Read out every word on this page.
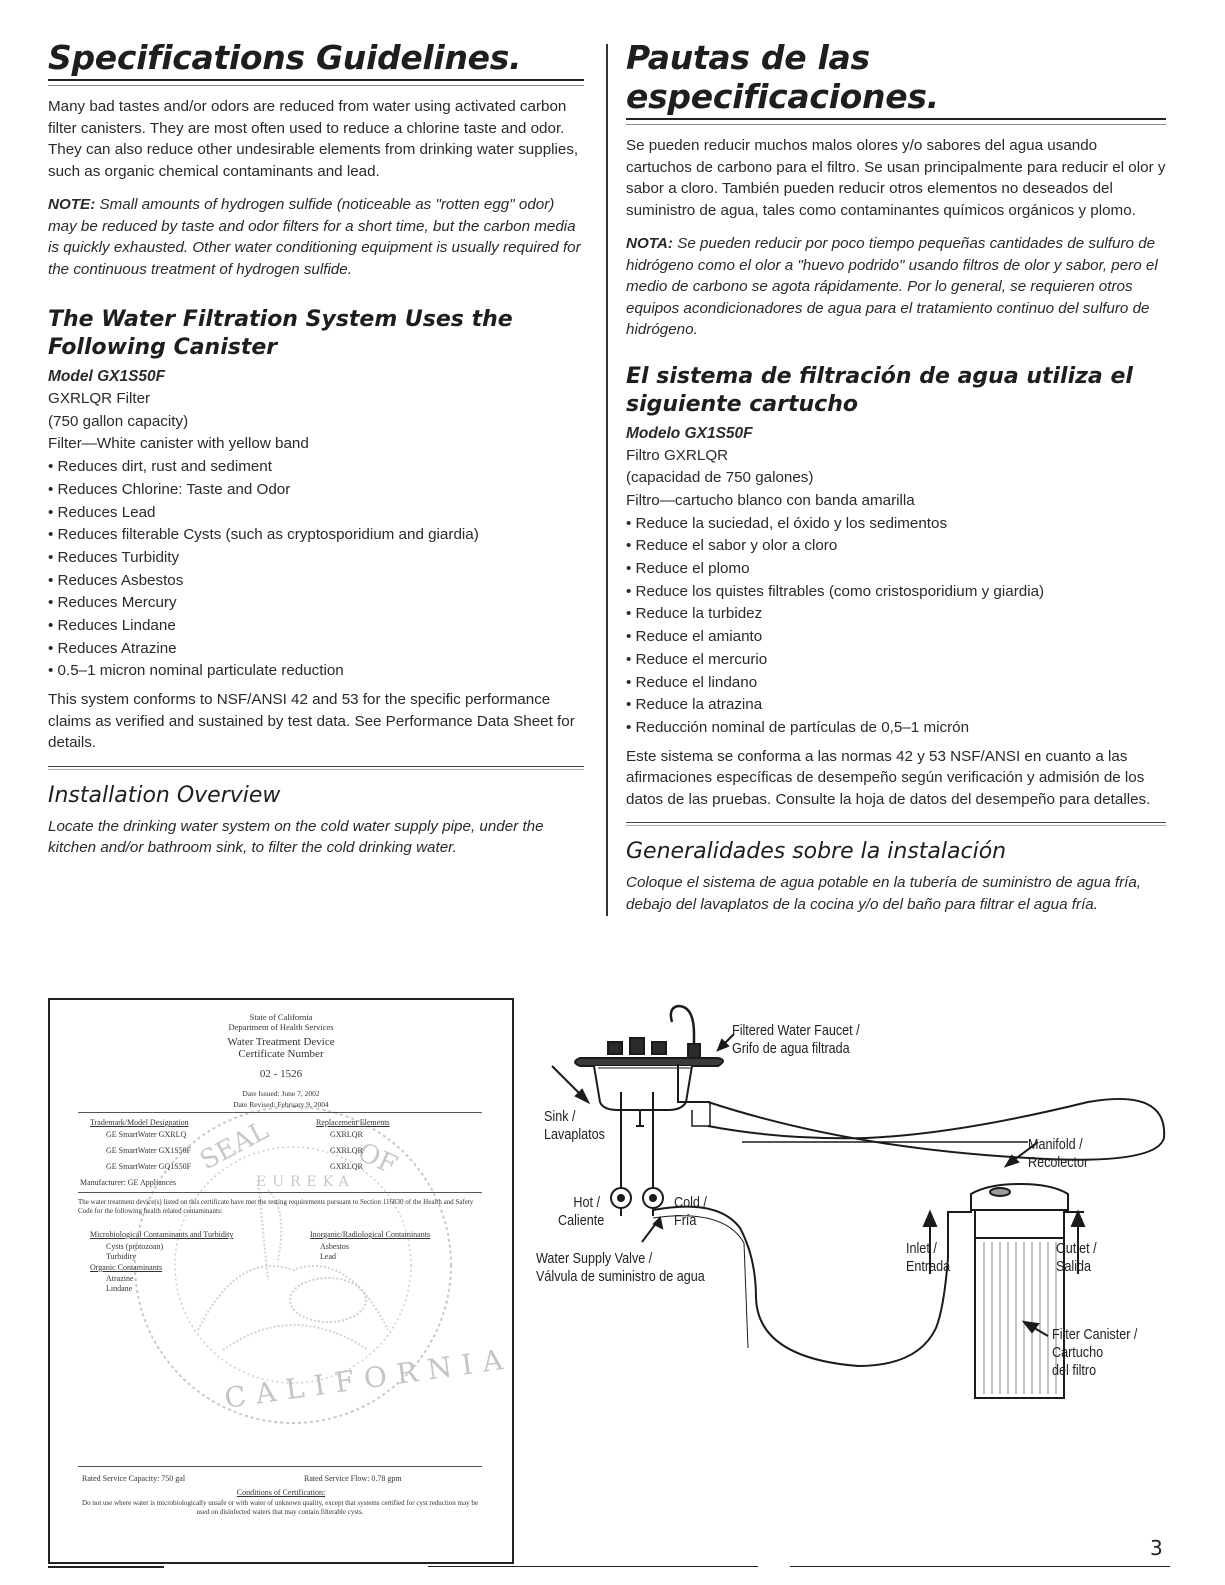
Specifications Guidelines.

Many bad tastes and/or odors are reduced from water using activated carbon filter canisters. They are most often used to reduce a chlorine taste and odor. They can also reduce other undesirable elements from drinking water supplies, such as organic chemical contaminants and lead.

NOTE: Small amounts of hydrogen sulfide (noticeable as "rotten egg" odor) may be reduced by taste and odor filters for a short time, but the carbon media is quickly exhausted. Other water conditioning equipment is usually required for the continuous treatment of hydrogen sulfide.

The Water Filtration System Uses the Following Canister
Model GX1S50F
GXRLQR Filter
(750 gallon capacity)
Filter—White canister with yellow band
• Reduces dirt, rust and sediment
• Reduces Chlorine: Taste and Odor
• Reduces Lead
• Reduces filterable Cysts (such as cryptosporidium and giardia)
• Reduces Turbidity
• Reduces Asbestos
• Reduces Mercury
• Reduces Lindane
• Reduces Atrazine
• 0.5–1 micron nominal particulate reduction

This system conforms to NSF/ANSI 42 and 53 for the specific performance claims as verified and sustained by test data. See Performance Data Sheet for details.

Installation Overview

Locate the drinking water system on the cold water supply pipe, under the kitchen and/or bathroom sink, to filter the cold drinking water.

Pautas de las especificaciones.

Se pueden reducir muchos malos olores y/o sabores del agua usando cartuchos de carbono para el filtro. Se usan principalmente para reducir el olor y sabor a cloro. También pueden reducir otros elementos no deseados del suministro de agua, tales como contaminantes químicos orgánicos y plomo.

NOTA: Se pueden reducir por poco tiempo pequeñas cantidades de sulfuro de hidrógeno como el olor a "huevo podrido" usando filtros de olor y sabor, pero el medio de carbono se agota rápidamente. Por lo general, se requieren otros equipos acondicionadores de agua para el tratamiento continuo del sulfuro de hidrógeno.

El sistema de filtración de agua utiliza el siguiente cartucho
Modelo GX1S50F
Filtro GXRLQR
(capacidad de 750 galones)
Filtro—cartucho blanco con banda amarilla
• Reduce la suciedad, el óxido y los sedimentos
• Reduce el sabor y olor a cloro
• Reduce el plomo
• Reduce los quistes filtrables (como cristosporidium y giardia)
• Reduce la turbidez
• Reduce el amianto
• Reduce el mercurio
• Reduce el lindano
• Reduce la atrazina
• Reducción nominal de partículas de 0,5–1 micrón

Este sistema se conforma a las normas 42 y 53 NSF/ANSI en cuanto a las afirmaciones específicas de desempeño según verificación y admisión de los datos de las pruebas. Consulte la hoja de datos del desempeño para detalles.

Generalidades sobre la instalación

Coloque el sistema de agua potable en la tubería de suministro de agua fría, debajo del lavaplatos de la cocina y/o del baño para filtrar el agua fría.

SEAL
EUREKA
OF
CALIFORNIA
State of California
Department of Health Services
Water Treatment Device
Certificate Number
02 - 1526
Date Issued: June 7, 2002
Date Revised: February 9, 2004
Trademark/Model Designation	Replacement Elements
GE SmartWater GXRLQ
GE SmartWater GX1S50F
GE SmartWater GQ1S50F
GXRLQR
GXRLQR
GXRLQR
Manufacturer: GE Appliances
The water treatment device(s) listed on this certificate have met the testing requirements pursuant to Section 116830 of the Health and Safety Code for the following health related contaminants:
Microbiological Contaminants and Turbidity
Cysts (protozoan)
Turbidity
Organic Contaminants
Atrazine
Lindane
Inorganic/Radiological Contaminants
Asbestos
Lead
Rated Service Capacity: 750 gal	Rated Service Flow: 0.78 gpm
Conditions of Certification:
Do not use where water is microbiologically unsafe or with water of unknown quality, except that systems certified for cyst reduction may be used on disinfected waters that may contain filterable cysts.
Filtered Water Faucet /
Grifo de agua filtrada
Sink /
Lavaplatos
Manifold /
Recolector
Hot /
Caliente
Cold /
Fría
Water Supply Valve /
Válvula de suministro de agua
Inlet /
Entrada
Outlet /
Salida
Filter Canister /
Cartucho
del filtro
3
